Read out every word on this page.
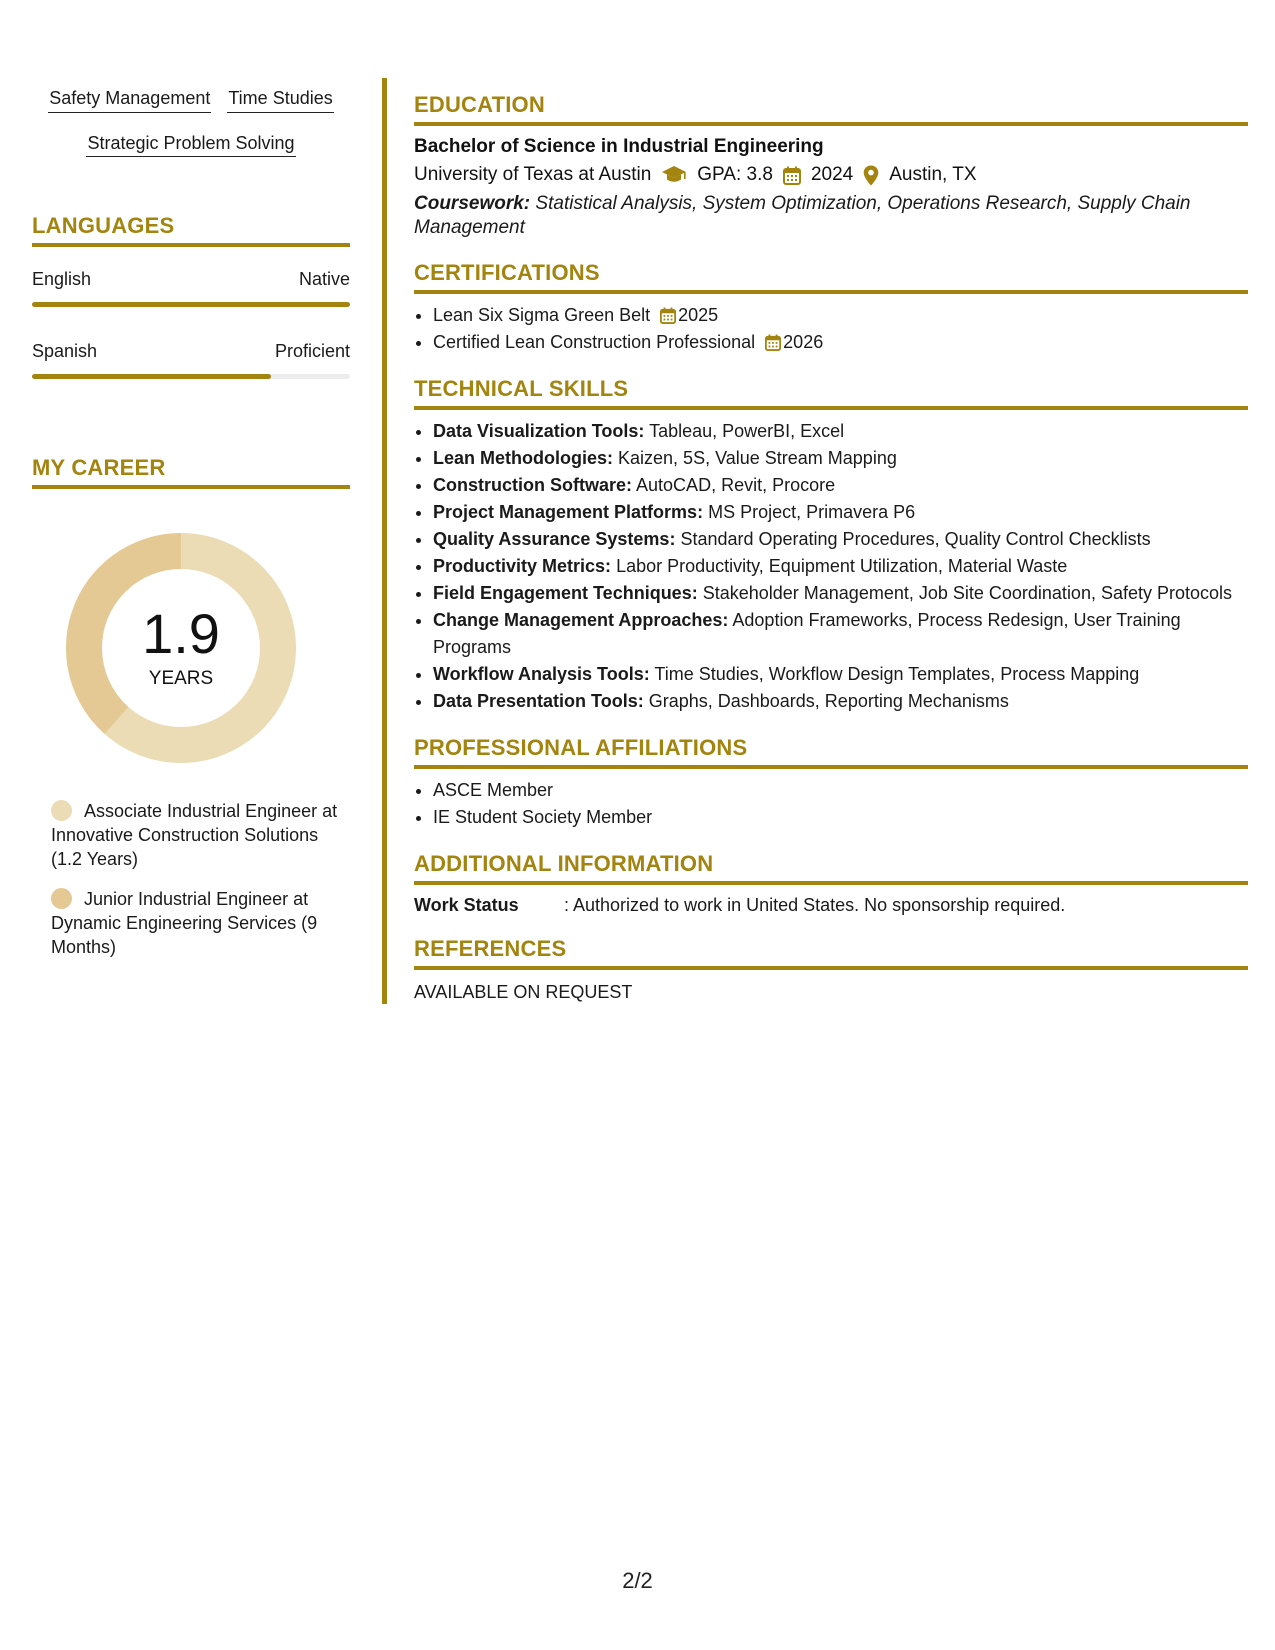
Safety Management Time Studies
Strategic Problem Solving
LANGUAGES
English	Native
Spanish	Proficient
MY CAREER
1.9
YEARS
Associate Industrial Engineer at Innovative Construction Solutions (1.2 Years)
Junior Industrial Engineer at Dynamic Engineering Services (9 Months)
EDUCATION
Bachelor of Science in Industrial Engineering
University of Texas at Austin GPA: 3.8 2024 Austin, TX
Coursework: Statistical Analysis, System Optimization, Operations Research, Supply Chain Management
CERTIFICATIONS
• Lean Six Sigma Green Belt 2025
• Certified Lean Construction Professional 2026
TECHNICAL SKILLS
• Data Visualization Tools: Tableau, PowerBI, Excel
• Lean Methodologies: Kaizen, 5S, Value Stream Mapping
• Construction Software: AutoCAD, Revit, Procore
• Project Management Platforms: MS Project, Primavera P6
• Quality Assurance Systems: Standard Operating Procedures, Quality Control Checklists
• Productivity Metrics: Labor Productivity, Equipment Utilization, Material Waste
• Field Engagement Techniques: Stakeholder Management, Job Site Coordination, Safety Protocols
• Change Management Approaches: Adoption Frameworks, Process Redesign, User Training Programs
• Workflow Analysis Tools: Time Studies, Workflow Design Templates, Process Mapping
• Data Presentation Tools: Graphs, Dashboards, Reporting Mechanisms
PROFESSIONAL AFFILIATIONS
• ASCE Member
• IE Student Society Member
ADDITIONAL INFORMATION
Work Status	: Authorized to work in United States. No sponsorship required.
REFERENCES
AVAILABLE ON REQUEST
2/2
